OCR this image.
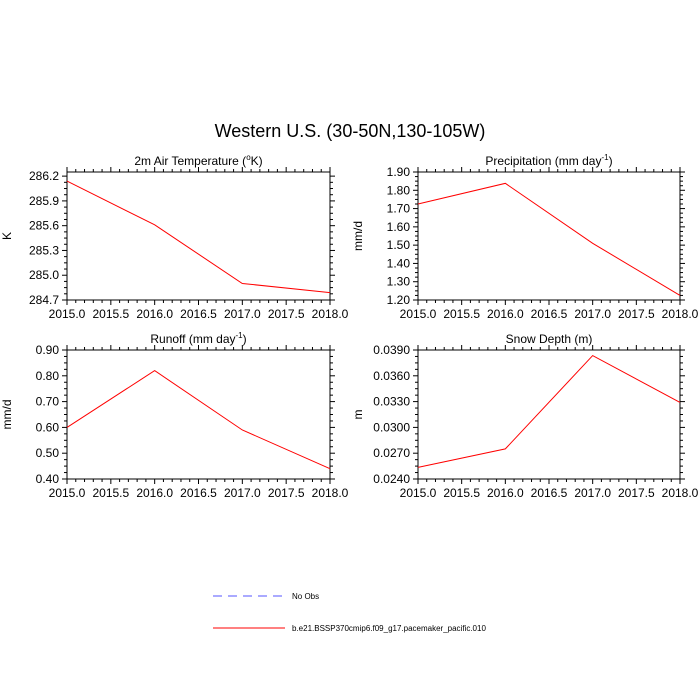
Western U.S. (30-50N,130-105W)
2m Air Temperature ($^o$K)
K
286.2
285.9
285.6
285.3
285.0
284.7
2015.0 2015.5 2016.0 2016.5 2017.0 2017.5 2018.0
Precipitation (mm day$^{-1}$)
mm/d
1.90
1.80
1.70
1.60
1.50
1.40
1.30
1.20
2015.0 2015.5 2016.0 2016.5 2017.0 2017.5 2018.0
Runoff (mm day$^{-1}$)
mm/d
0.90
0.80
0.70
0.60
0.50
0.40
2015.0 2015.5 2016.0 2016.5 2017.0 2017.5 2018.0
Snow Depth (m)
m
0.0390
0.0360
0.0330
0.0300
0.0270
0.0240
2015.0 2015.5 2016.0 2016.5 2017.0 2017.5 2018.0
No Obs
b.e21.BSSP370cmip6.f09_g17.pacemaker_pacific.010
